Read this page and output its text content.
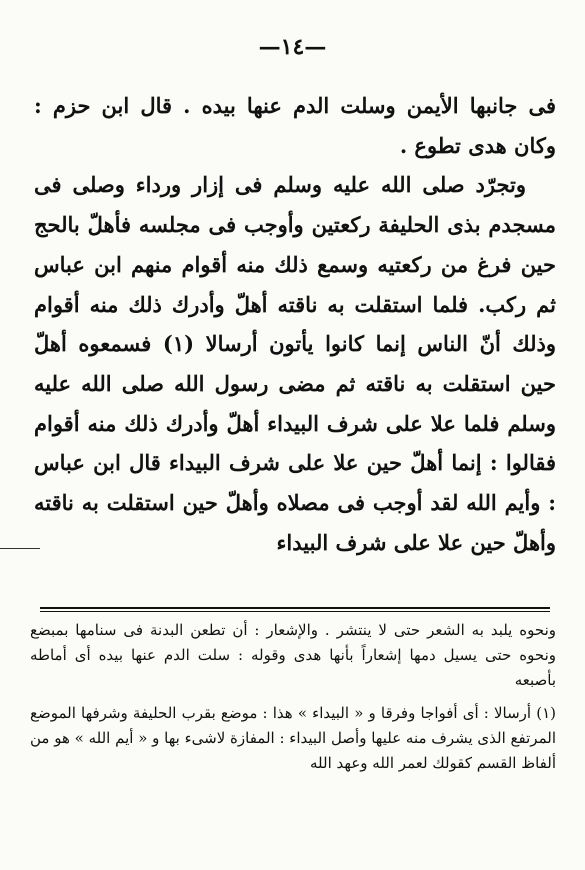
—١٤—

فى جانبها الأيمن وسلت الدم عنها بيده . قال ابن حزم : وكان هدى تطوع .

وتجرّد صلى الله عليه وسلم فى إزار ورداء وصلى فى مسجدم بذى الحليفة ركعتين وأوجب فى مجلسه فأهلّ بالحج حين فرغ من ركعتيه وسمع ذلك منه أقوام منهم ابن عباس ثم ركب. فلما استقلت به ناقته أهلّ وأدرك ذلك منه أقوام وذلك أنّ الناس إنما كانوا يأتون أرسالا (١) فسمعوه أهلّ حين استقلت به ناقته ثم مضى رسول الله صلى الله عليه وسلم فلما علا على شرف البيداء أهلّ وأدرك ذلك منه أقوام فقالوا : إنما أهلّ حين علا على شرف البيداء قال ابن عباس : وأيم الله لقد أوجب فى مصلاه وأهلّ حين استقلت به ناقته وأهلّ حين علا على شرف البيداء

ونحوه يلبد به الشعر حتى لا ينتشر . والإشعار : أن تطعن البدنة فى سنامها بمبضع ونحوه حتى يسيل دمها إشعاراً بأنها هدى وقوله : سلت الدم عنها بيده أى أماطه بأصبعه

(١) أرسالا : أى أفواجا وفرقا و « البيداء » هذا : موضع بقرب الحليفة وشرفها الموضع المرتفع الذى يشرف منه عليها وأصل البيداء : المفازة لاشىء بها و « أيم الله » هو من ألفاظ القسم كقولك لعمر الله وعهد الله
